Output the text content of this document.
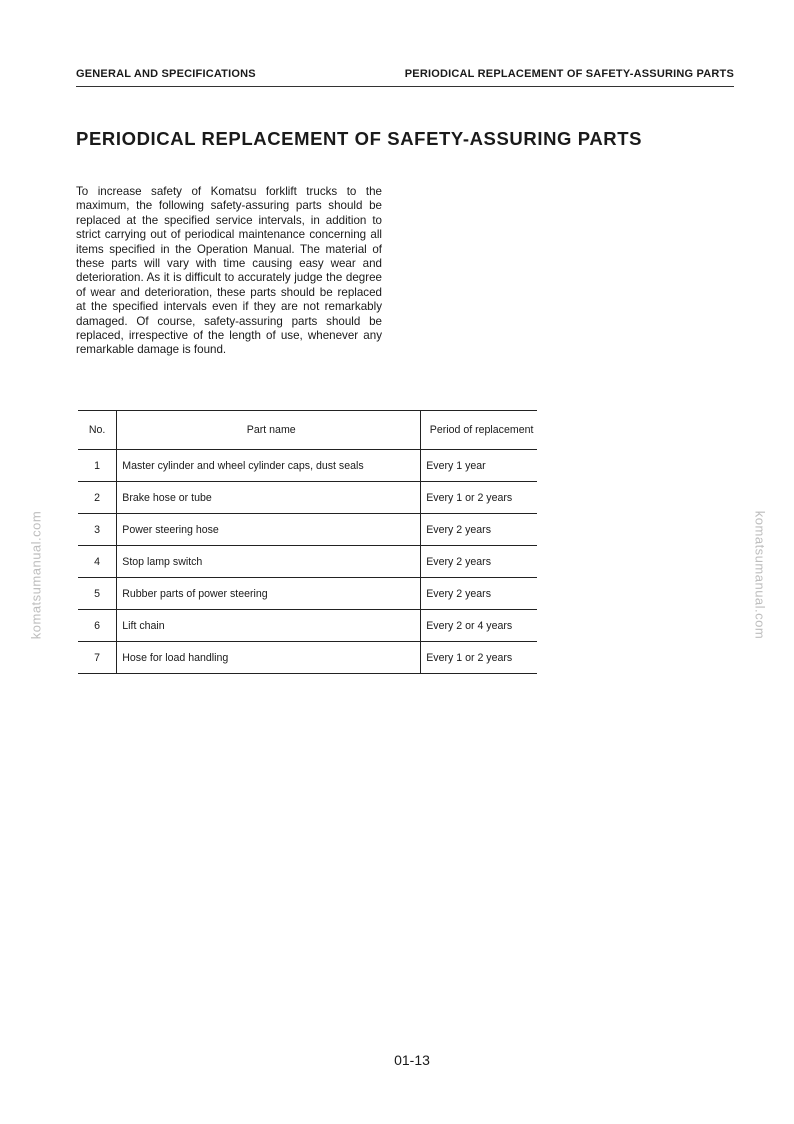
GENERAL AND SPECIFICATIONS	PERIODICAL REPLACEMENT OF SAFETY-ASSURING PARTS
PERIODICAL REPLACEMENT OF SAFETY-ASSURING PARTS
To increase safety of Komatsu forklift trucks to the maximum, the following safety-assuring parts should be replaced at the specified service intervals, in addition to strict carrying out of periodical maintenance concerning all items specified in the Operation Manual. The material of these parts will vary with time causing easy wear and deterioration. As it is difficult to accurately judge the degree of wear and deterioration, these parts should be replaced at the specified intervals even if they are not remarkably damaged. Of course, safety-assuring parts should be replaced, irrespective of the length of use, whenever any remarkable damage is found.
No.	Part name	Period of replacement
1	Master cylinder and wheel cylinder caps, dust seals	Every 1 year
2	Brake hose or tube	Every 1 or 2 years
3	Power steering hose	Every 2 years
4	Stop lamp switch	Every 2 years
5	Rubber parts of power steering	Every 2 years
6	Lift chain	Every 2 or 4 years
7	Hose for load handling	Every 1 or 2 years
komatsumanual.com	komatsumanual.com
01-13
